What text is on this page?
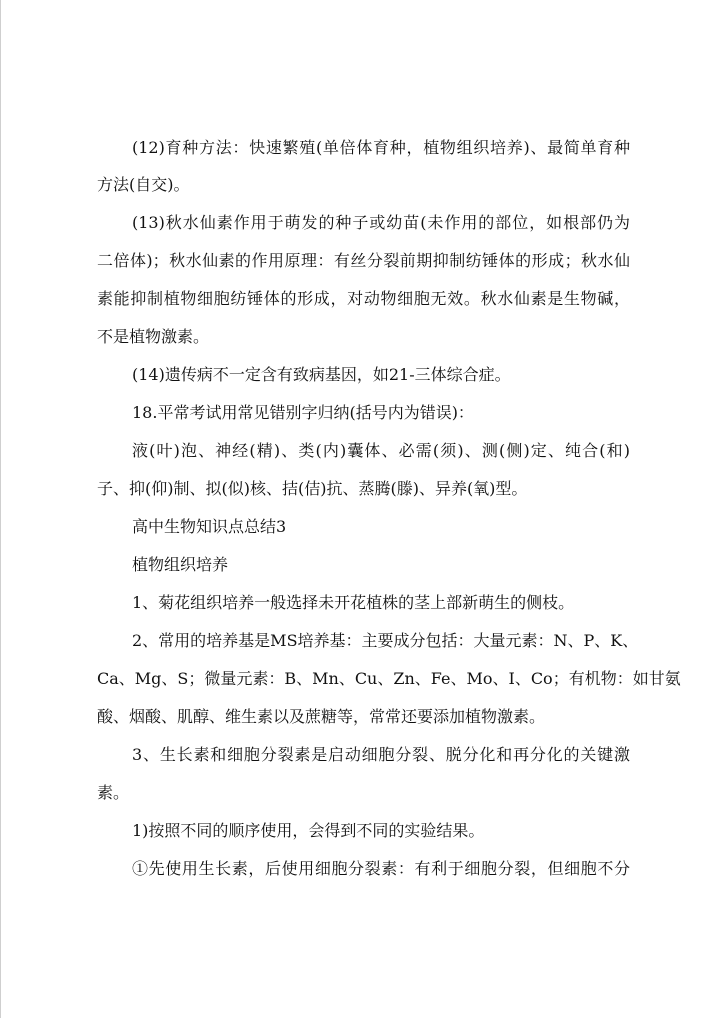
(12)育种方法：快速繁殖(单倍体育种，植物组织培养)、最简单育种
方法(自交)。
(13)秋水仙素作用于萌发的种子或幼苗(未作用的部位，如根部仍为
二倍体)；秋水仙素的作用原理：有丝分裂前期抑制纺锤体的形成；秋水仙
素能抑制植物细胞纺锤体的形成，对动物细胞无效。秋水仙素是生物碱，
不是植物激素。
(14)遗传病不一定含有致病基因，如21-三体综合症。
18.平常考试用常见错别字归纳(括号内为错误)：
液(叶)泡、神经(精)、类(内)囊体、必需(须)、测(侧)定、纯合(和)
子、抑(仰)制、拟(似)核、拮(佶)抗、蒸腾(滕)、异养(氧)型。
高中生物知识点总结3
植物组织培养
1、菊花组织培养一般选择未开花植株的茎上部新萌生的侧枝。
2、常用的培养基是MS培养基：主要成分包括：大量元素：N、P、K、
Ca、Mg、S；微量元素：B、Mn、Cu、Zn、Fe、Mo、I、Co；有机物：如甘氨
酸、烟酸、肌醇、维生素以及蔗糖等，常常还要添加植物激素。
3、生长素和细胞分裂素是启动细胞分裂、脱分化和再分化的关键激
素。
1)按照不同的顺序使用，会得到不同的实验结果。
①先使用生长素，后使用细胞分裂素：有利于细胞分裂，但细胞不分
